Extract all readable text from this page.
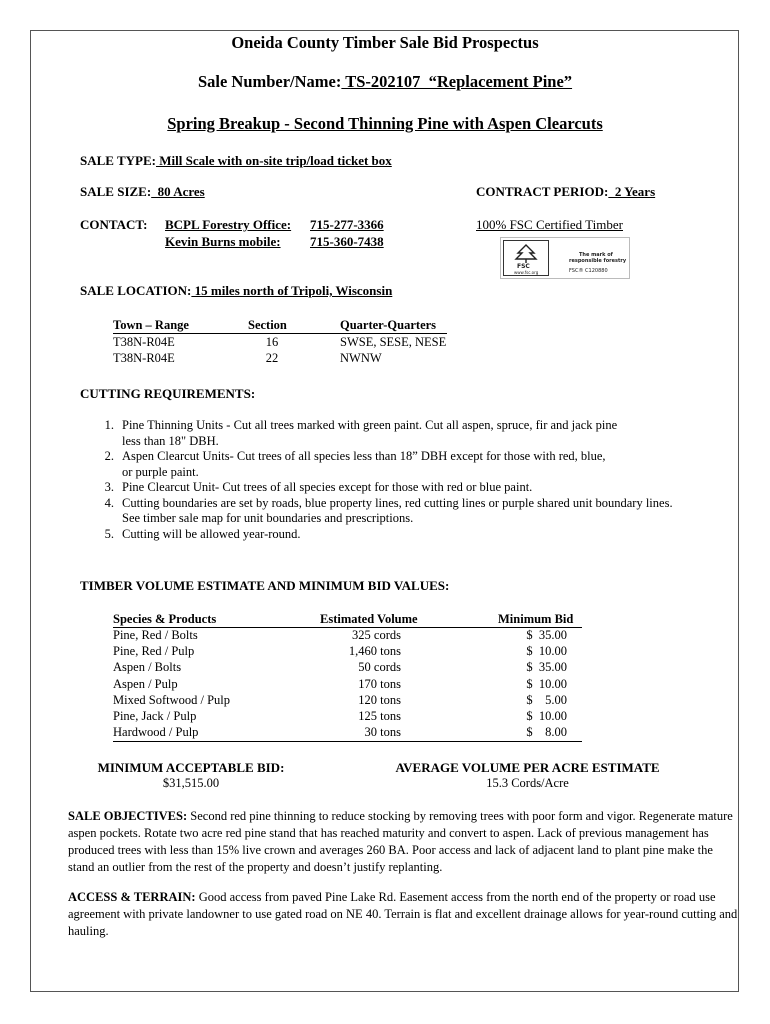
Oneida County Timber Sale Bid Prospectus
Sale Number/Name: TS-202107  “Replacement Pine”
Spring Breakup - Second Thinning Pine with Aspen Clearcuts
SALE TYPE: Mill Scale with on-site trip/load ticket box
SALE SIZE:  80 Acres	CONTRACT PERIOD:  2 Years
CONTACT: BCPL Forestry Office:	715-277-3366
Kevin Burns mobile:	715-360-7438
100% FSC Certified Timber
FSC
www.fsc.org
The mark of
responsible forestry
FSC® C120880
SALE LOCATION: 15 miles north of Tripoli, Wisconsin
Town – Range	Section	Quarter-Quarters
T38N-R04E	16	SWSE, SESE, NESE
T38N-R04E	22	NWNW
CUTTING REQUIREMENTS:
1. Pine Thinning Units - Cut all trees marked with green paint. Cut all aspen, spruce, fir and jack pine
less than 18" DBH.
2. Aspen Clearcut Units- Cut trees of all species less than 18” DBH except for those with red, blue,
or purple paint.
3. Pine Clearcut Unit- Cut trees of all species except for those with red or blue paint.
4. Cutting boundaries are set by roads, blue property lines, red cutting lines or purple shared unit boundary lines.
See timber sale map for unit boundaries and prescriptions.
5. Cutting will be allowed year-round.
TIMBER VOLUME ESTIMATE AND MINIMUM BID VALUES:
Species & Products	Estimated Volume	Minimum Bid
Pine, Red / Bolts	325 cords	$  35.00
Pine, Red / Pulp	1,460 tons	$  10.00
Aspen / Bolts	50 cords	$  35.00
Aspen / Pulp	170 tons	$  10.00
Mixed Softwood / Pulp	120 tons	$    5.00
Pine, Jack / Pulp	125 tons	$  10.00
Hardwood / Pulp	30 tons	$    8.00
MINIMUM ACCEPTABLE BID:
$31,515.00
AVERAGE VOLUME PER ACRE ESTIMATE
15.3 Cords/Acre
SALE OBJECTIVES: Second red pine thinning to reduce stocking by removing trees with poor form and vigor. Regenerate mature aspen pockets. Rotate two acre red pine stand that has reached maturity and convert to aspen. Lack of previous management has produced trees with less than 15% live crown and averages 260 BA. Poor access and lack of adjacent land to plant pine make the stand an outlier from the rest of the property and doesn’t justify replanting.
ACCESS & TERRAIN: Good access from paved Pine Lake Rd. Easement access from the north end of the property or road use agreement with private landowner to use gated road on NE 40. Terrain is flat and excellent drainage allows for year-round cutting and hauling.
